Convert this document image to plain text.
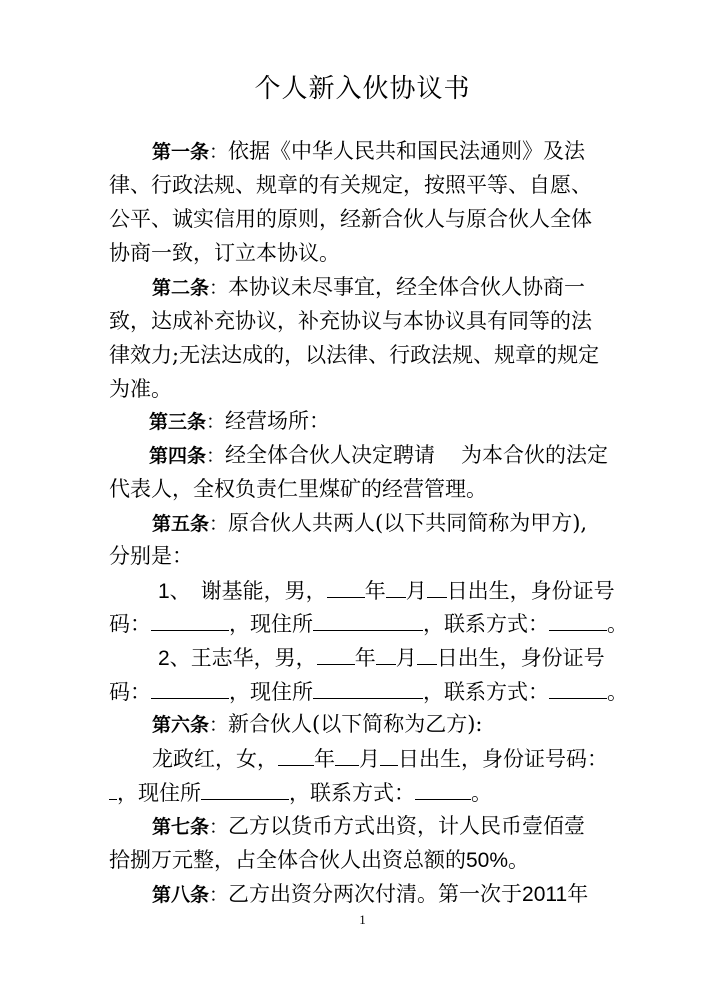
个人新入伙协议书
第一条：依据《中华人民共和国民法通则》及法
律、行政法规、规章的有关规定，按照平等、自愿、
公平、诚实信用的原则，经新合伙人与原合伙人全体
协商一致，订立本协议。
第二条：本协议未尽事宜，经全体合伙人协商一
致，达成补充协议，补充协议与本协议具有同等的法
律效力;无法达成的，以法律、行政法规、规章的规定
为准。
第三条：经营场所：
第四条：经全体合伙人决定聘请 为本合伙的法定
代表人，全权负责仁里煤矿的经营管理。
第五条：原合伙人共两人(以下共同简称为甲方),
分别是：
1、 谢基能，男， 年 月 日出生，身份证号
码：	，现住所	，联系方式：	。
2、王志华，男， 年 月 日出生，身份证号
码：	，现住所	，联系方式：	。
第六条：新合伙人(以下简称为乙方):
龙政红，女， 年 月 日出生，身份证号码：
，现住所	，联系方式：	。
第七条：乙方以货币方式出资，计人民币壹佰壹
拾捌万元整，占全体合伙人出资总额的50%。
第八条：乙方出资分两次付清。第一次于2011年
1
